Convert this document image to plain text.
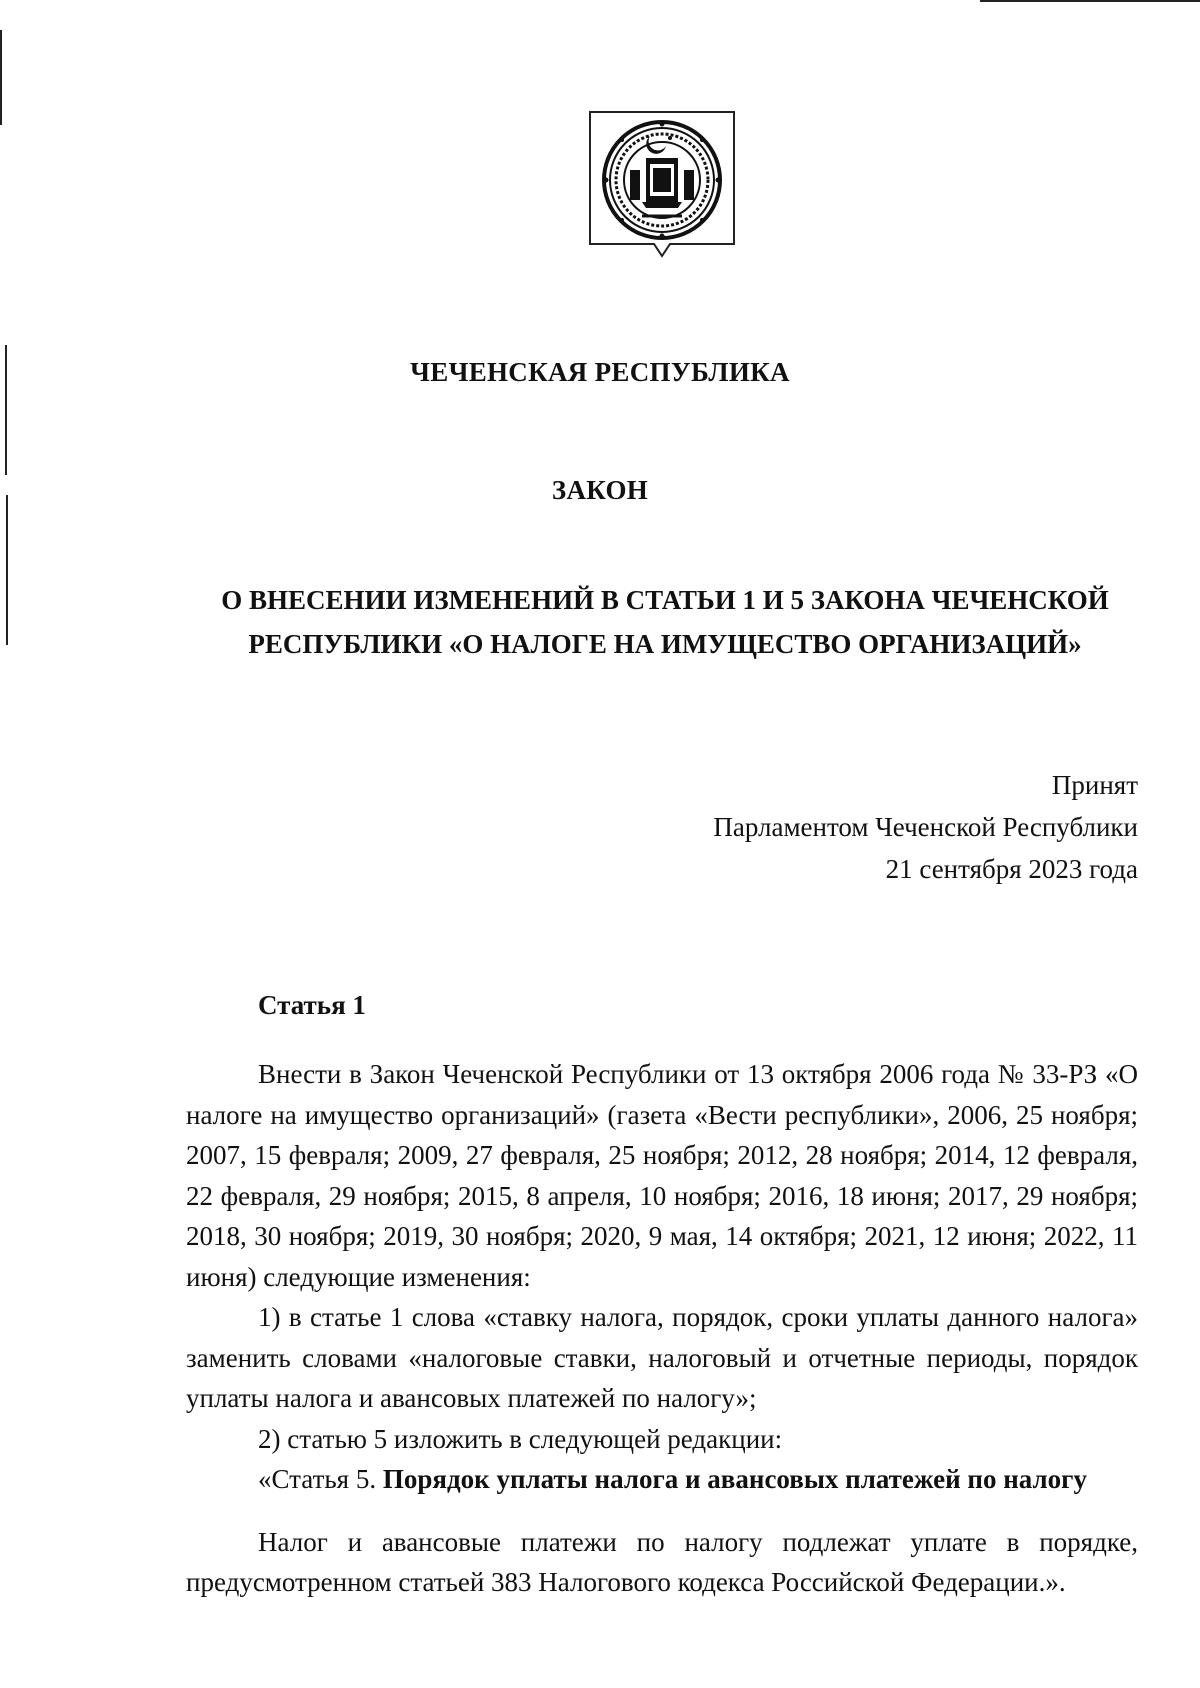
ЧЕЧЕНСКАЯ РЕСПУБЛИКА
ЗАКОН
О ВНЕСЕНИИ ИЗМЕНЕНИЙ В СТАТЬИ 1 И 5 ЗАКОНА ЧЕЧЕНСКОЙ РЕСПУБЛИКИ «О НАЛОГЕ НА ИМУЩЕСТВО ОРГАНИЗАЦИЙ»
Принят
Парламентом Чеченской Республики
21 сентября 2023 года
Статья 1

Внести в Закон Чеченской Республики от 13 октября 2006 года № 33-РЗ «О налоге на имущество организаций» (газета «Вести республики», 2006, 25 ноября; 2007, 15 февраля; 2009, 27 февраля, 25 ноября; 2012, 28 ноября; 2014, 12 февраля, 22 февраля, 29 ноября; 2015, 8 апреля, 10 ноября; 2016, 18 июня; 2017, 29 ноября; 2018, 30 ноября; 2019, 30 ноября; 2020, 9 мая, 14 октября; 2021, 12 июня; 2022, 11 июня) следующие изменения:

1) в статье 1 слова «ставку налога, порядок, сроки уплаты данного налога» заменить словами «налоговые ставки, налоговый и отчетные периоды, порядок уплаты налога и авансовых платежей по налогу»;

2) статью 5 изложить в следующей редакции:

«Статья 5. Порядок уплаты налога и авансовых платежей по налогу

Налог и авансовые платежи по налогу подлежат уплате в порядке, предусмотренном статьей 383 Налогового кодекса Российской Федерации.».
